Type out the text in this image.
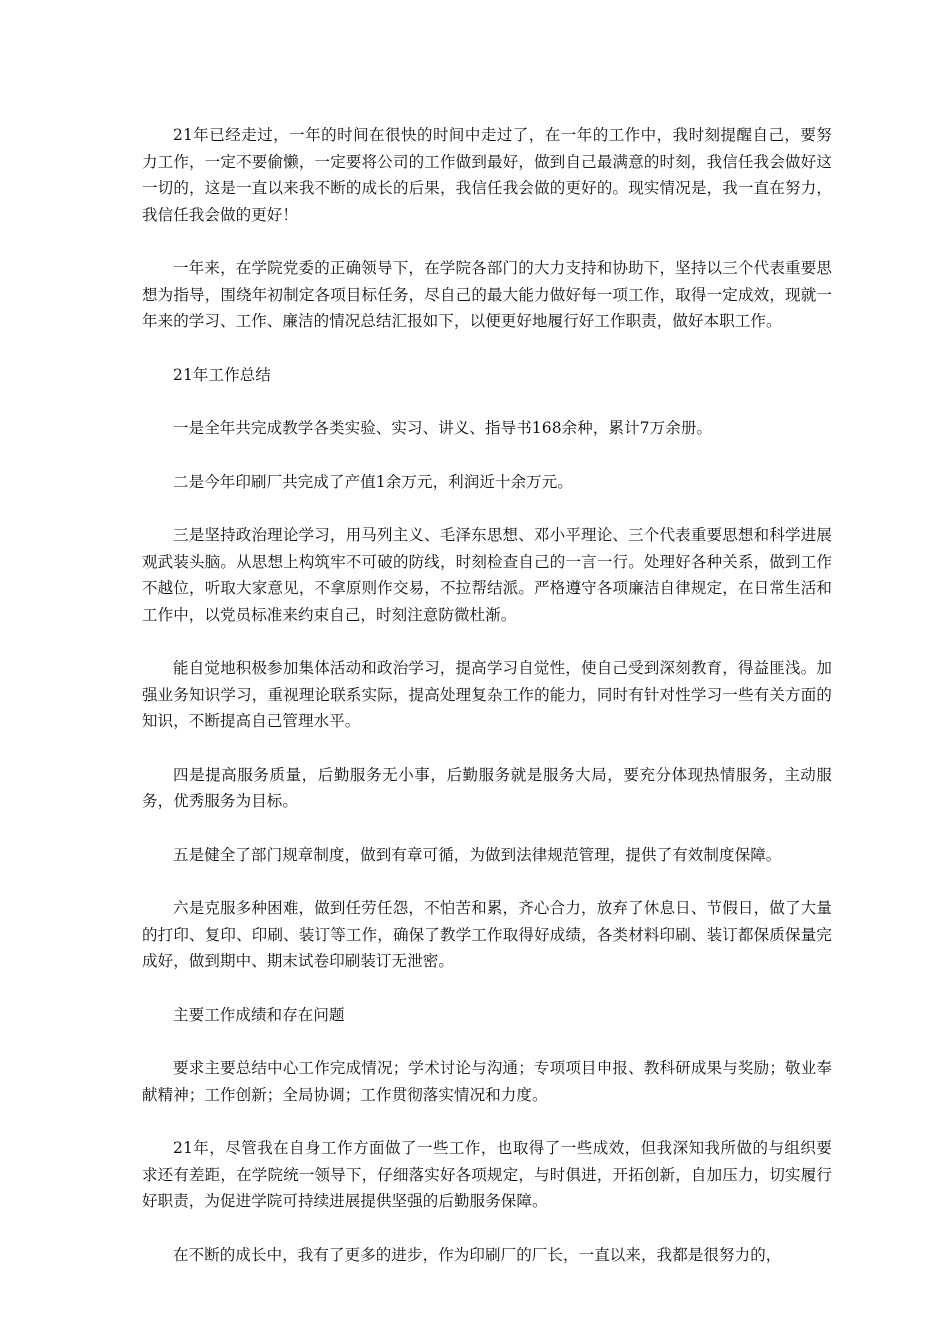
21年已经走过，一年的时间在很快的时间中走过了，在一年的工作中，我时刻提醒自己，要努力工作，一定不要偷懒，一定要将公司的工作做到最好，做到自己最满意的时刻，我信任我会做好这一切的，这是一直以来我不断的成长的后果，我信任我会做的更好的。现实情况是，我一直在努力，我信任我会做的更好！

一年来，在学院党委的正确领导下，在学院各部门的大力支持和协助下，坚持以三个代表重要思想为指导，围绕年初制定各项目标任务，尽自己的最大能力做好每一项工作，取得一定成效，现就一年来的学习、工作、廉洁的情况总结汇报如下，以便更好地履行好工作职责，做好本职工作。

21年工作总结

一是全年共完成教学各类实验、实习、讲义、指导书168余种，累计7万余册。

二是今年印刷厂共完成了产值1余万元，利润近十余万元。

三是坚持政治理论学习，用马列主义、毛泽东思想、邓小平理论、三个代表重要思想和科学进展观武装头脑。从思想上构筑牢不可破的防线，时刻检查自己的一言一行。处理好各种关系，做到工作不越位，听取大家意见，不拿原则作交易，不拉帮结派。严格遵守各项廉洁自律规定，在日常生活和工作中，以党员标准来约束自己，时刻注意防微杜渐。

能自觉地积极参加集体活动和政治学习，提高学习自觉性，使自己受到深刻教育，得益匪浅。加强业务知识学习，重视理论联系实际，提高处理复杂工作的能力，同时有针对性学习一些有关方面的知识，不断提高自己管理水平。

四是提高服务质量，后勤服务无小事，后勤服务就是服务大局，要充分体现热情服务，主动服务，优秀服务为目标。

五是健全了部门规章制度，做到有章可循，为做到法律规范管理，提供了有效制度保障。

六是克服多种困难，做到任劳任怨，不怕苦和累，齐心合力，放弃了休息日、节假日，做了大量的打印、复印、印刷、装订等工作，确保了教学工作取得好成绩，各类材料印刷、装订都保质保量完成好，做到期中、期末试卷印刷装订无泄密。

主要工作成绩和存在问题

要求主要总结中心工作完成情况；学术讨论与沟通；专项项目申报、教科研成果与奖励；敬业奉献精神；工作创新；全局协调；工作贯彻落实情况和力度。

21年，尽管我在自身工作方面做了一些工作，也取得了一些成效，但我深知我所做的与组织要求还有差距，在学院统一领导下，仔细落实好各项规定，与时俱进，开拓创新，自加压力，切实履行好职责，为促进学院可持续进展提供坚强的后勤服务保障。

在不断的成长中，我有了更多的进步，作为印刷厂的厂长，一直以来，我都是很努力的，
